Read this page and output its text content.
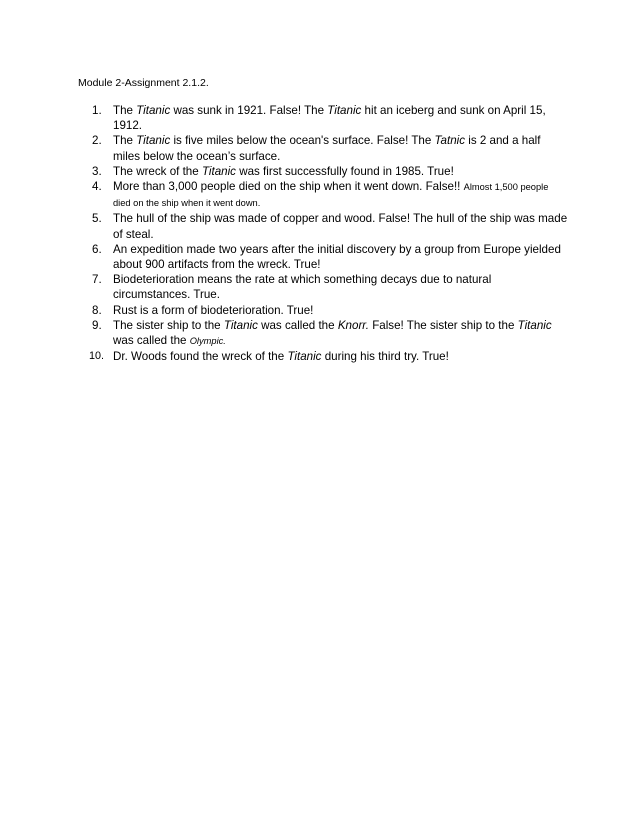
Module 2-Assignment 2.1.2.
1. The Titanic was sunk in 1921. False! The Titanic hit an iceberg and sunk on April 15, 1912.
2. The Titanic is five miles below the ocean's surface. False! The Tatnic is 2 and a half miles below the ocean’s surface.
3. The wreck of the Titanic was first successfully found in 1985. True!
4. More than 3,000 people died on the ship when it went down. False!! Almost 1,500 people died on the ship when it went down.
5. The hull of the ship was made of copper and wood. False! The hull of the ship was made of steal.
6. An expedition made two years after the initial discovery by a group from Europe yielded about 900 artifacts from the wreck. True!
7. Biodeterioration means the rate at which something decays due to natural circumstances. True.
8. Rust is a form of biodeterioration. True!
9. The sister ship to the Titanic was called the Knorr. False! The sister ship to the Titanic was called the Olympic.
10. Dr. Woods found the wreck of the Titanic during his third try. True!
